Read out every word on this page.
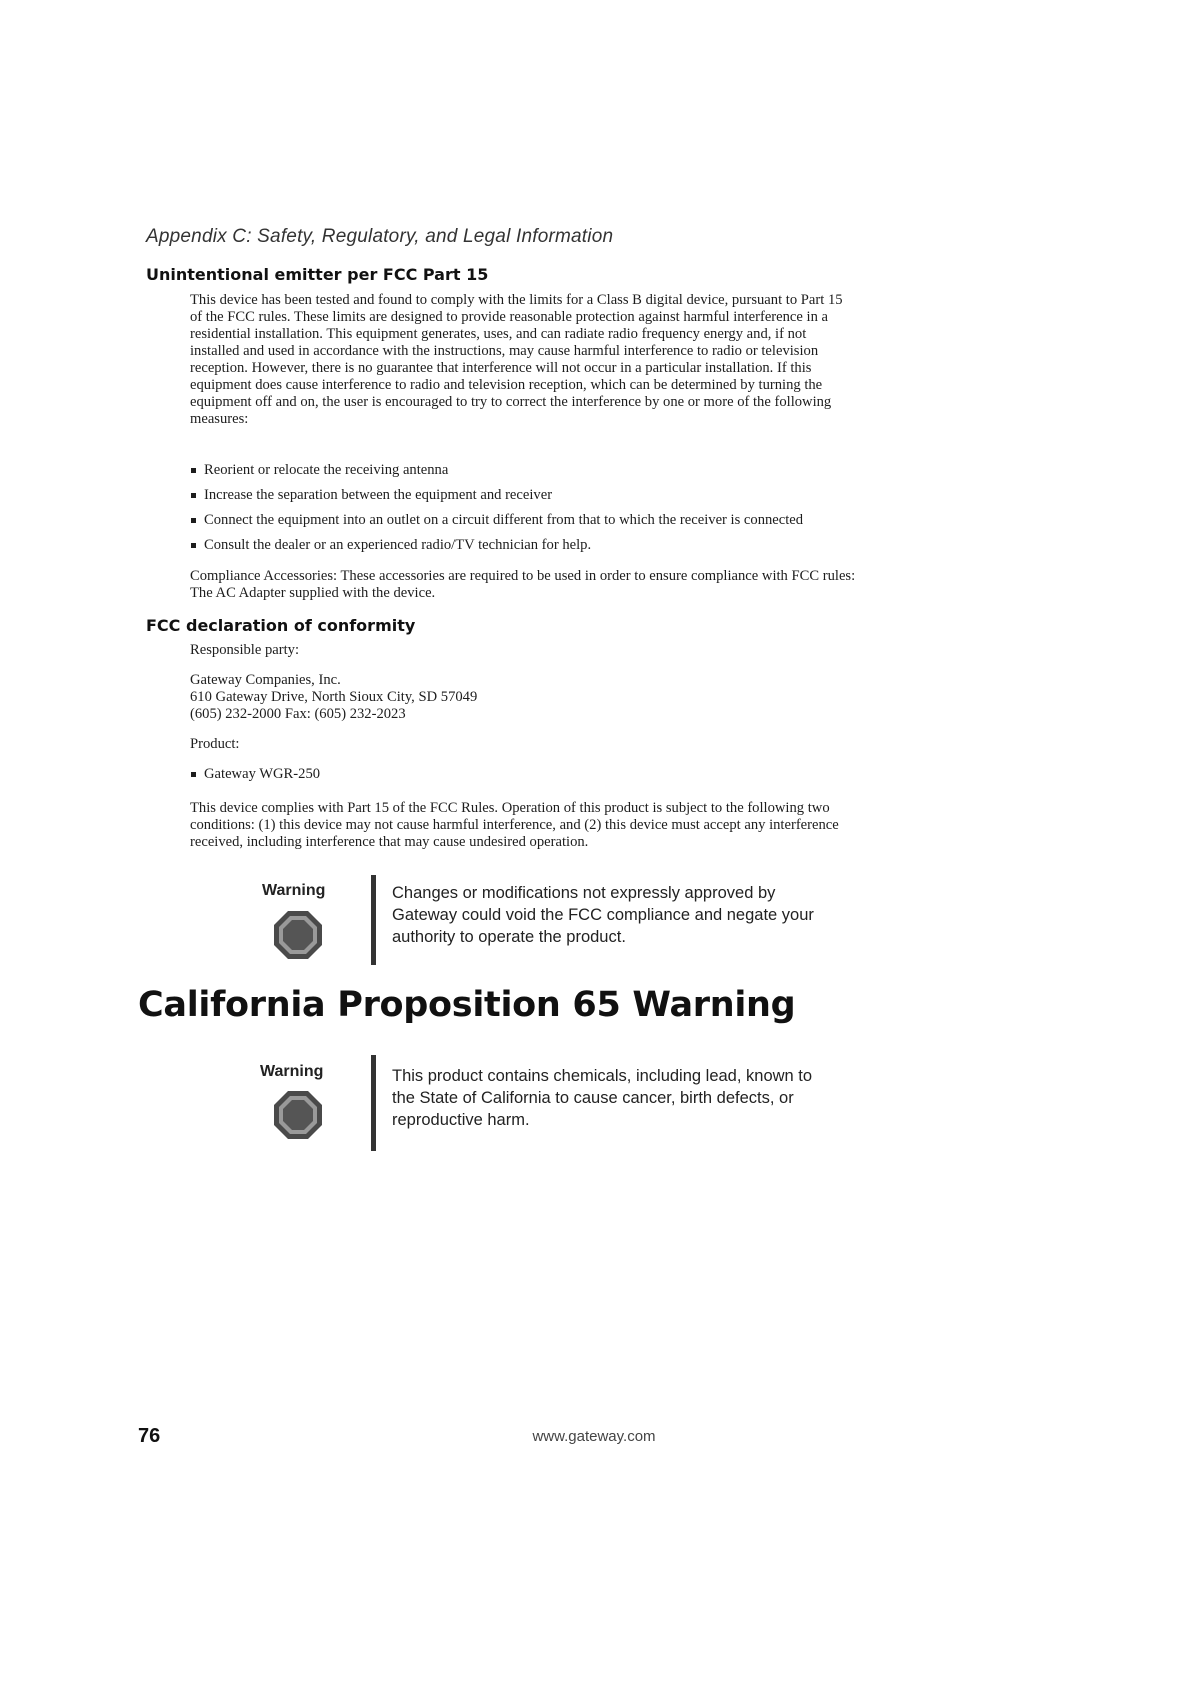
Appendix C: Safety, Regulatory, and Legal Information
Unintentional emitter per FCC Part 15
This device has been tested and found to comply with the limits for a Class B digital device, pursuant to Part 15
of the FCC rules. These limits are designed to provide reasonable protection against harmful interference in a
residential installation. This equipment generates, uses, and can radiate radio frequency energy and, if not
installed and used in accordance with the instructions, may cause harmful interference to radio or television
reception. However, there is no guarantee that interference will not occur in a particular installation. If this
equipment does cause interference to radio and television reception, which can be determined by turning the
equipment off and on, the user is encouraged to try to correct the interference by one or more of the following
measures:
Reorient or relocate the receiving antenna
Increase the separation between the equipment and receiver
Connect the equipment into an outlet on a circuit different from that to which the receiver is connected
Consult the dealer or an experienced radio/TV technician for help.
Compliance Accessories: These accessories are required to be used in order to ensure compliance with FCC rules:
The AC Adapter supplied with the device.
FCC declaration of conformity
Responsible party:
Gateway Companies, Inc.
610 Gateway Drive, North Sioux City, SD 57049
(605) 232-2000 Fax: (605) 232-2023
Product:
Gateway WGR-250
This device complies with Part 15 of the FCC Rules. Operation of this product is subject to the following two
conditions: (1) this device may not cause harmful interference, and (2) this device must accept any interference
received, including interference that may cause undesired operation.
Warning	Changes or modifications not expressly approved by
Gateway could void the FCC compliance and negate your
authority to operate the product.
California Proposition 65 Warning
Warning	This product contains chemicals, including lead, known to
the State of California to cause cancer, birth defects, or
reproductive harm.
76	www.gateway.com
